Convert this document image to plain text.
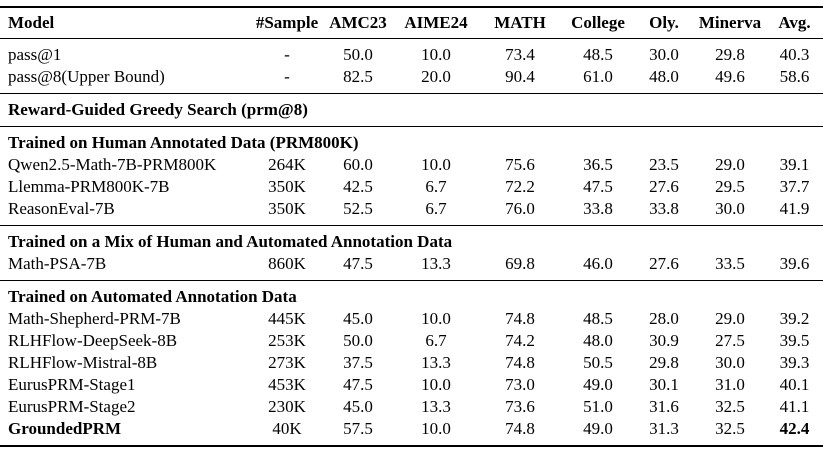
Model	#Sample	AMC23	AIME24	MATH	College	Oly.	Minerva	Avg.
pass@1	-	50.0	10.0	73.4	48.5	30.0	29.8	40.3
pass@8(Upper Bound)	-	82.5	20.0	90.4	61.0	48.0	49.6	58.6
Reward-Guided Greedy Search (prm@8)								
Trained on Human Annotated Data (PRM800K)								
Qwen2.5-Math-7B-PRM800K	264K	60.0	10.0	75.6	36.5	23.5	29.0	39.1
Llemma-PRM800K-7B	350K	42.5	6.7	72.2	47.5	27.6	29.5	37.7
ReasonEval-7B	350K	52.5	6.7	76.0	33.8	33.8	30.0	41.9
Trained on a Mix of Human and Automated Annotation Data								
Math-PSA-7B	860K	47.5	13.3	69.8	46.0	27.6	33.5	39.6
Trained on Automated Annotation Data								
Math-Shepherd-PRM-7B	445K	45.0	10.0	74.8	48.5	28.0	29.0	39.2
RLHFlow-DeepSeek-8B	253K	50.0	6.7	74.2	48.0	30.9	27.5	39.5
RLHFlow-Mistral-8B	273K	37.5	13.3	74.8	50.5	29.8	30.0	39.3
EurusPRM-Stage1	453K	47.5	10.0	73.0	49.0	30.1	31.0	40.1
EurusPRM-Stage2	230K	45.0	13.3	73.6	51.0	31.6	32.5	41.1
GroundedPRM	40K	57.5	10.0	74.8	49.0	31.3	32.5	42.4
